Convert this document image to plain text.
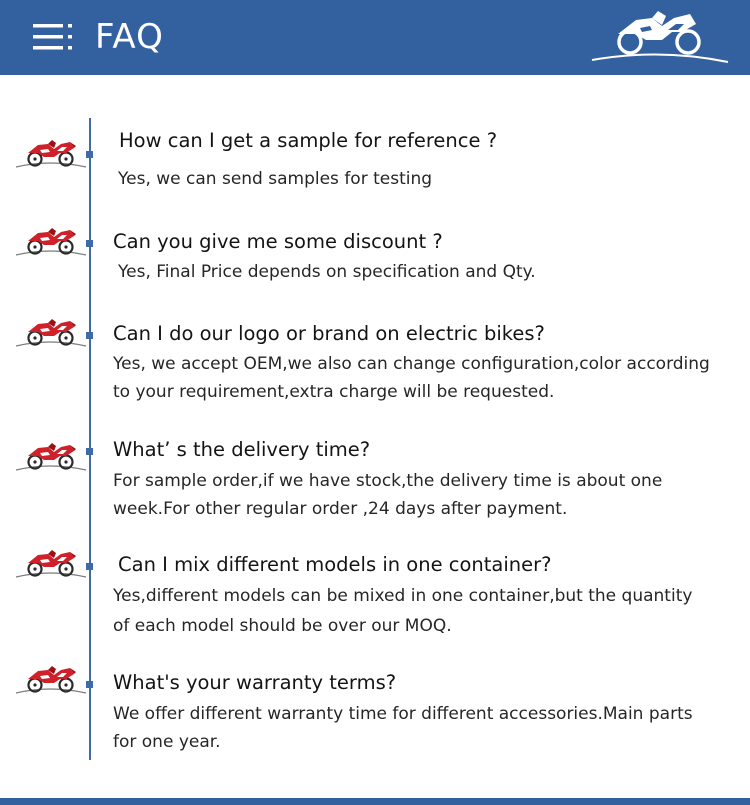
FAQ
How can I get a sample for reference ?
Yes, we can send samples for testing
Can you give me some discount ?
Yes, Final Price depends on specification and Qty.
Can I do our logo or brand on electric bikes?
Yes, we accept OEM,we also can change configuration,color according to your requirement,extra charge will be requested.
What’ s the delivery time?
For sample order,if we have stock,the delivery time is about one week.For other regular order ,24 days after payment.
Can I mix different models in one container?
Yes,different models can be mixed in one container,but the quantity of each model should be over our MOQ.
What's your warranty terms?
We offer different warranty time for different accessories.Main parts for one year.
